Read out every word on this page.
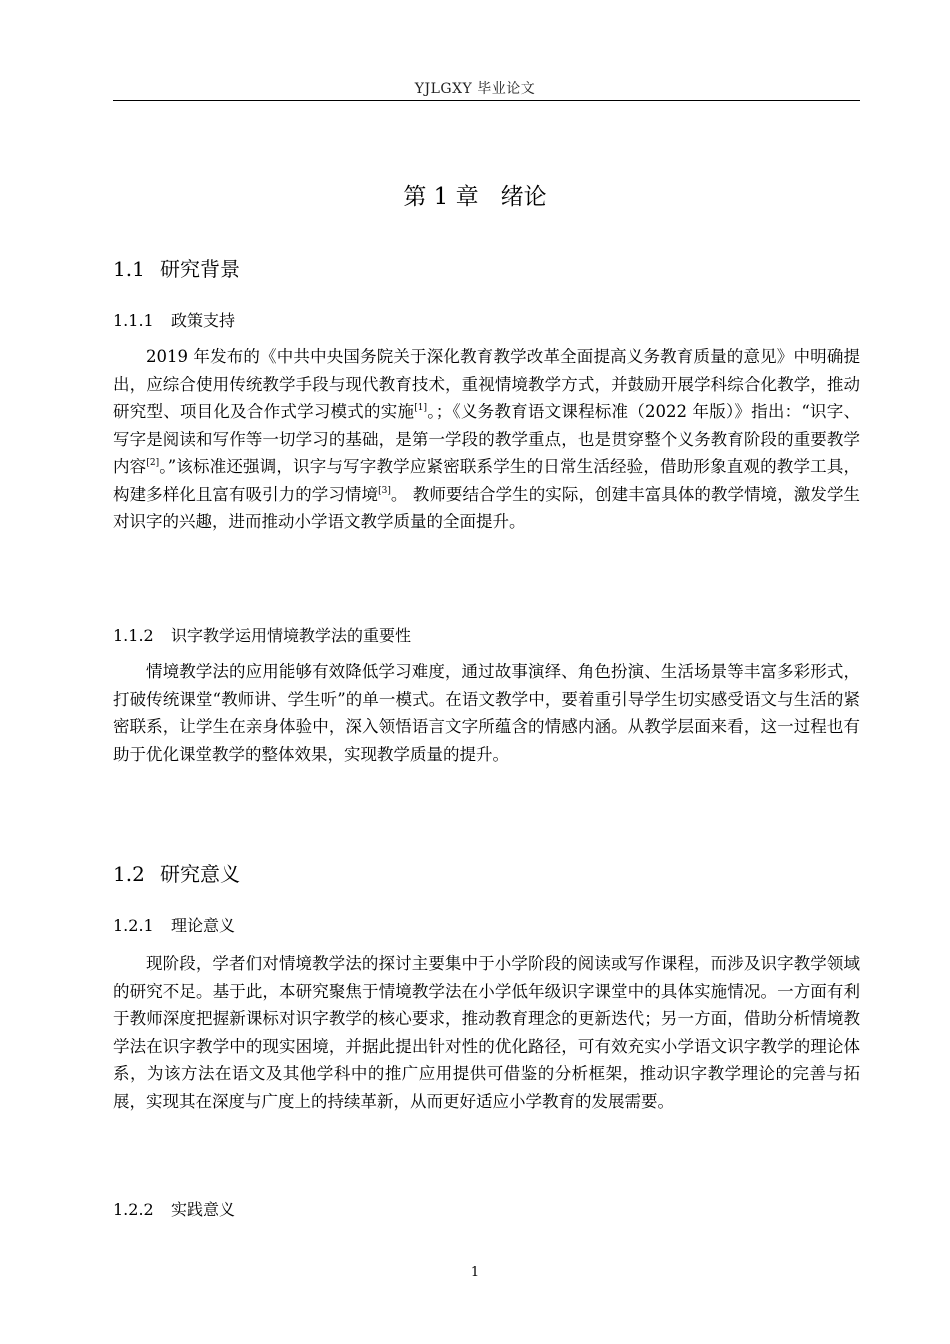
YJLGXY 毕业论文
第 1 章 绪论
1.1 研究背景
1.1.1 政策支持
2019 年发布的《中共中央国务院关于深化教育教学改革全面提高义务教育质量的意见》中明确提出，应综合使用传统教学手段与现代教育技术，重视情境教学方式，并鼓励开展学科综合化教学，推动研究型、项目化及合作式学习模式的实施[1]。；《义务教育语文课程标准（2022 年版）》指出：“识字、写字是阅读和写作等一切学习的基础，是第一学段的教学重点，也是贯穿整个义务教育阶段的重要教学内容[2]。”该标准还强调，识字与写字教学应紧密联系学生的日常生活经验，借助形象直观的教学工具，构建多样化且富有吸引力的学习情境[3]。 教师要结合学生的实际，创建丰富具体的教学情境，激发学生对识字的兴趣，进而推动小学语文教学质量的全面提升。
1.1.2 识字教学运用情境教学法的重要性
情境教学法的应用能够有效降低学习难度，通过故事演绎、角色扮演、生活场景等丰富多彩形式，打破传统课堂“教师讲、学生听”的单一模式。在语文教学中，要着重引导学生切实感受语文与生活的紧密联系，让学生在亲身体验中，深入领悟语言文字所蕴含的情感内涵。从教学层面来看，这一过程也有助于优化课堂教学的整体效果，实现教学质量的提升。
1.2 研究意义
1.2.1 理论意义
现阶段，学者们对情境教学法的探讨主要集中于小学阶段的阅读或写作课程，而涉及识字教学领域的研究不足。基于此，本研究聚焦于情境教学法在小学低年级识字课堂中的具体实施情况。一方面有利于教师深度把握新课标对识字教学的核心要求，推动教育理念的更新迭代；另一方面，借助分析情境教学法在识字教学中的现实困境，并据此提出针对性的优化路径，可有效充实小学语文识字教学的理论体系，为该方法在语文及其他学科中的推广应用提供可借鉴的分析框架，推动识字教学理论的完善与拓展，实现其在深度与广度上的持续革新，从而更好适应小学教育的发展需要。
1.2.2 实践意义
1
